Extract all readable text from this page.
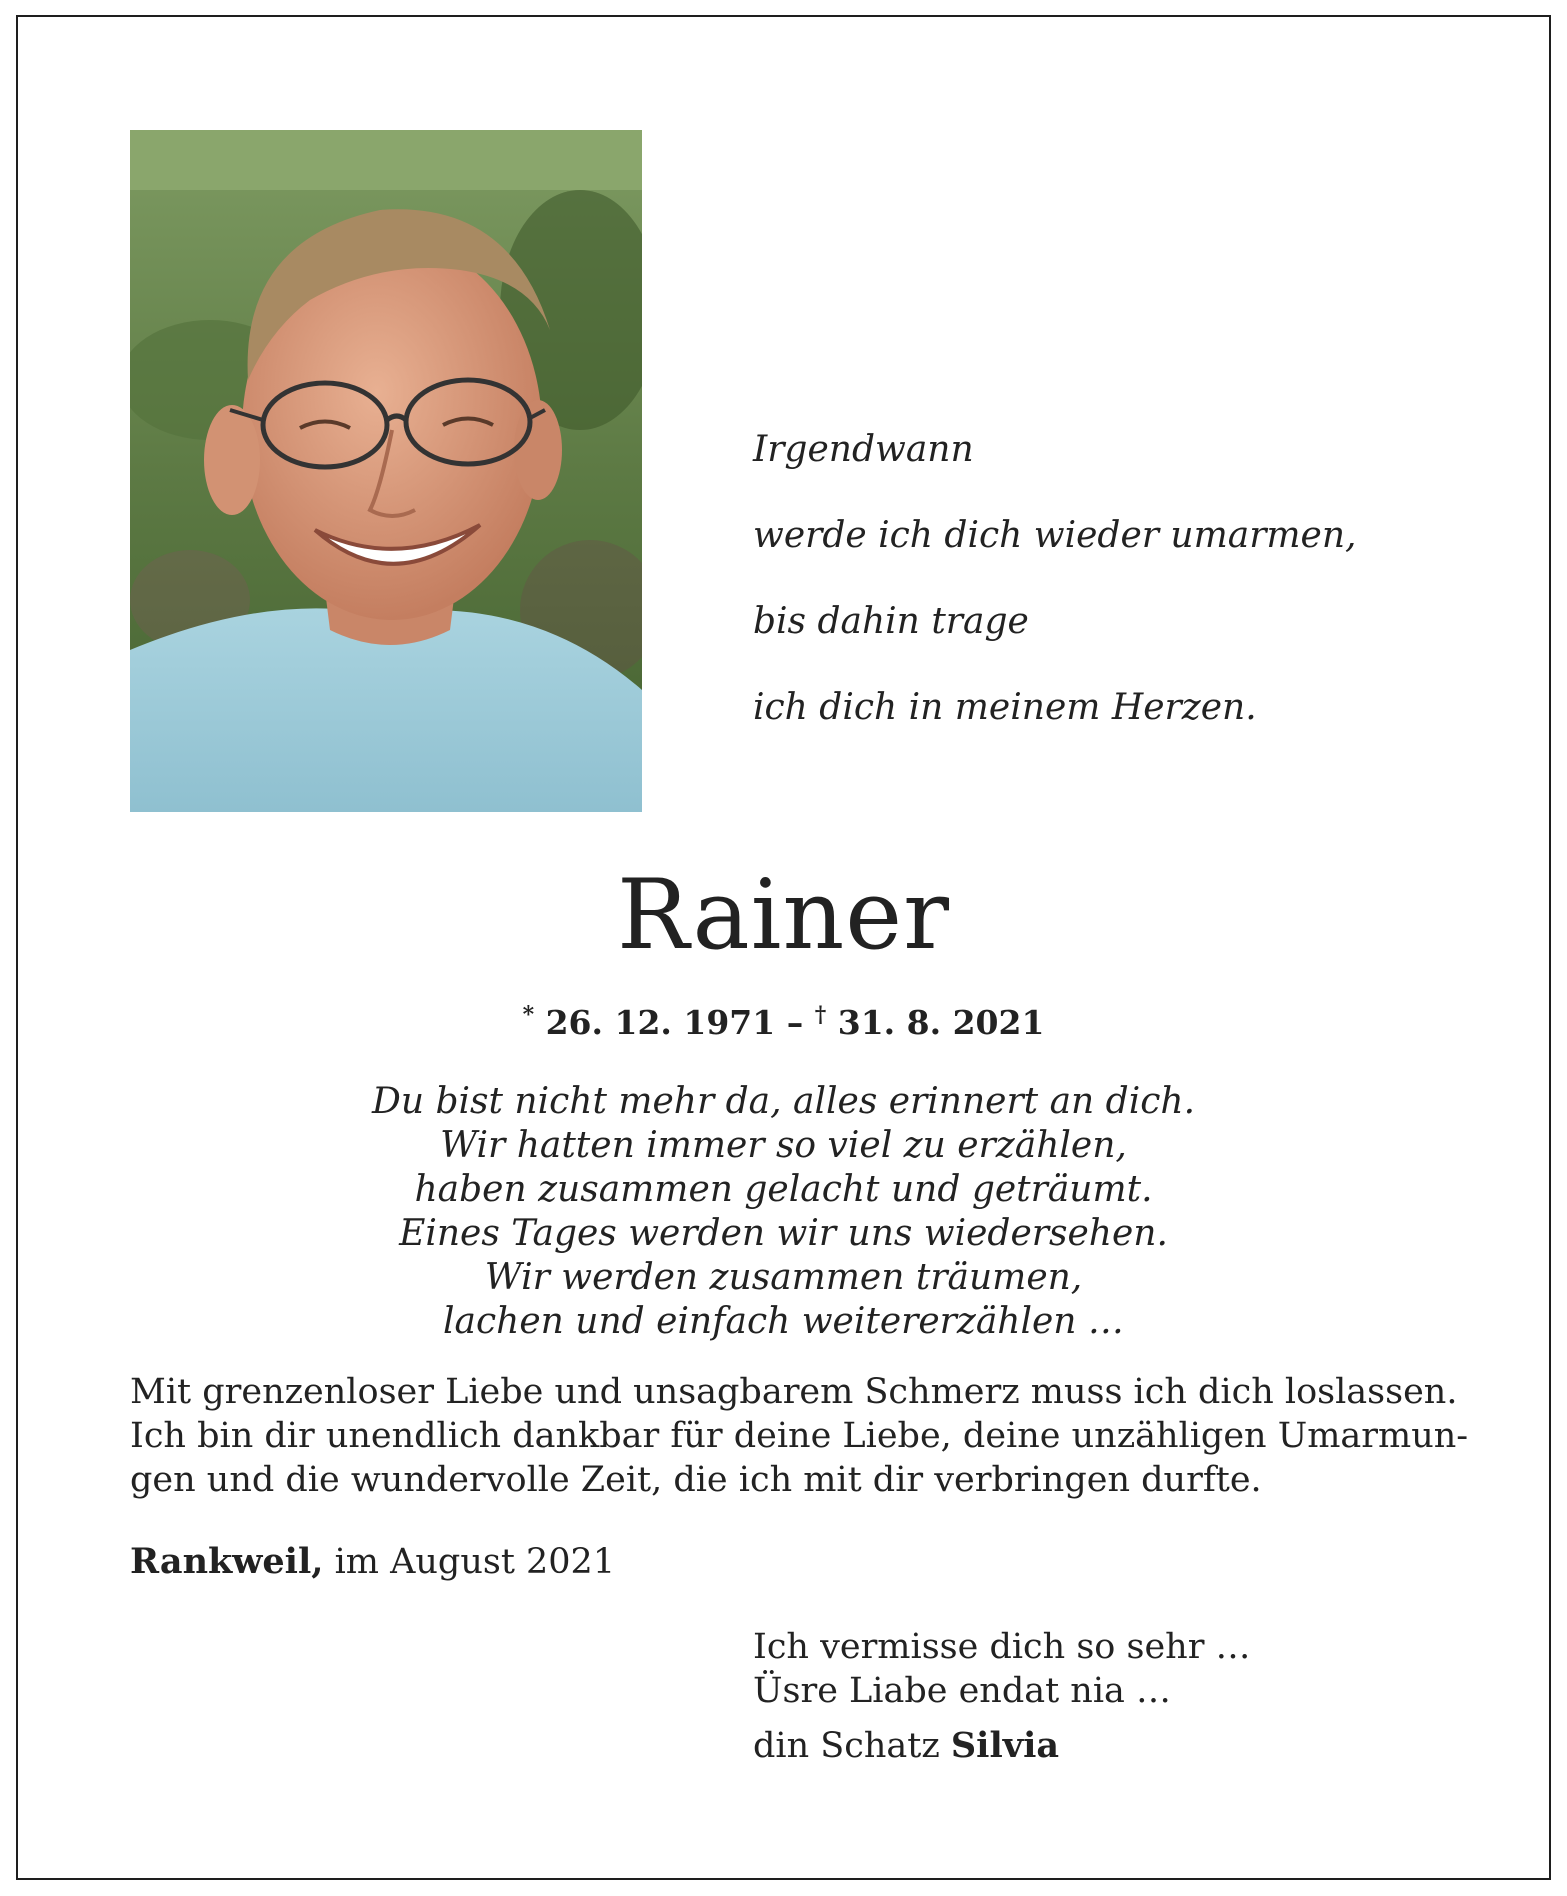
Irgendwann

werde ich dich wieder umarmen,

bis dahin trage

ich dich in meinem Herzen.

Rainer
* 26. 12. 1971 – † 31. 8. 2021
Du bist nicht mehr da, alles erinnert an dich.
Wir hatten immer so viel zu erzählen,
haben zusammen gelacht und geträumt.
Eines Tages werden wir uns wiedersehen.
Wir werden zusammen träumen,
lachen und einfach weitererzählen …
Mit grenzenloser Liebe und unsagbarem Schmerz muss ich dich loslassen.
Ich bin dir unendlich dankbar für deine Liebe, deine unzähligen Umarmun-
gen und die wundervolle Zeit, die ich mit dir verbringen durfte.
Rankweil, im August 2021
Ich vermisse dich so sehr …
Üsre Liabe endat nia …
din Schatz Silvia
